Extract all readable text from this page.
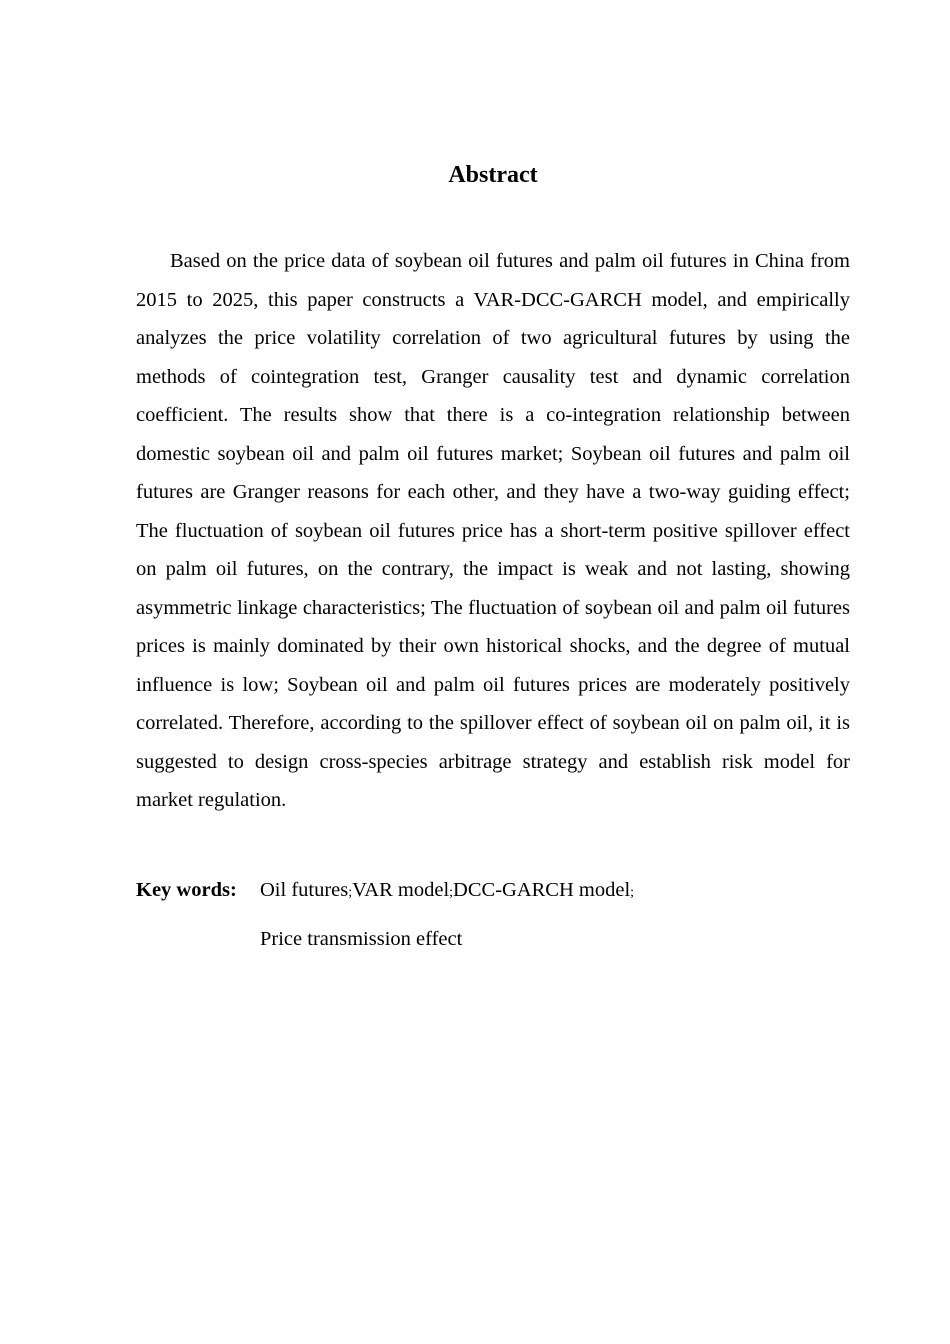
Abstract

Based on the price data of soybean oil futures and palm oil futures in China from 2015 to 2025, this paper constructs a VAR-DCC-GARCH model, and empirically analyzes the price volatility correlation of two agricultural futures by using the methods of cointegration test, Granger causality test and dynamic correlation coefficient. The results show that there is a co-integration relationship between domestic soybean oil and palm oil futures market; Soybean oil futures and palm oil futures are Granger reasons for each other, and they have a two-way guiding effect; The fluctuation of soybean oil futures price has a short-term positive spillover effect on palm oil futures, on the contrary, the impact is weak and not lasting, showing asymmetric linkage characteristics; The fluctuation of soybean oil and palm oil futures prices is mainly dominated by their own historical shocks, and the degree of mutual influence is low; Soybean oil and palm oil futures prices are moderately positively correlated. Therefore, according to the spillover effect of soybean oil on palm oil, it is suggested to design cross-species arbitrage strategy and establish risk model for market regulation.

Key words: Oil futures;VAR model;DCC-GARCH model;
Price transmission effect
